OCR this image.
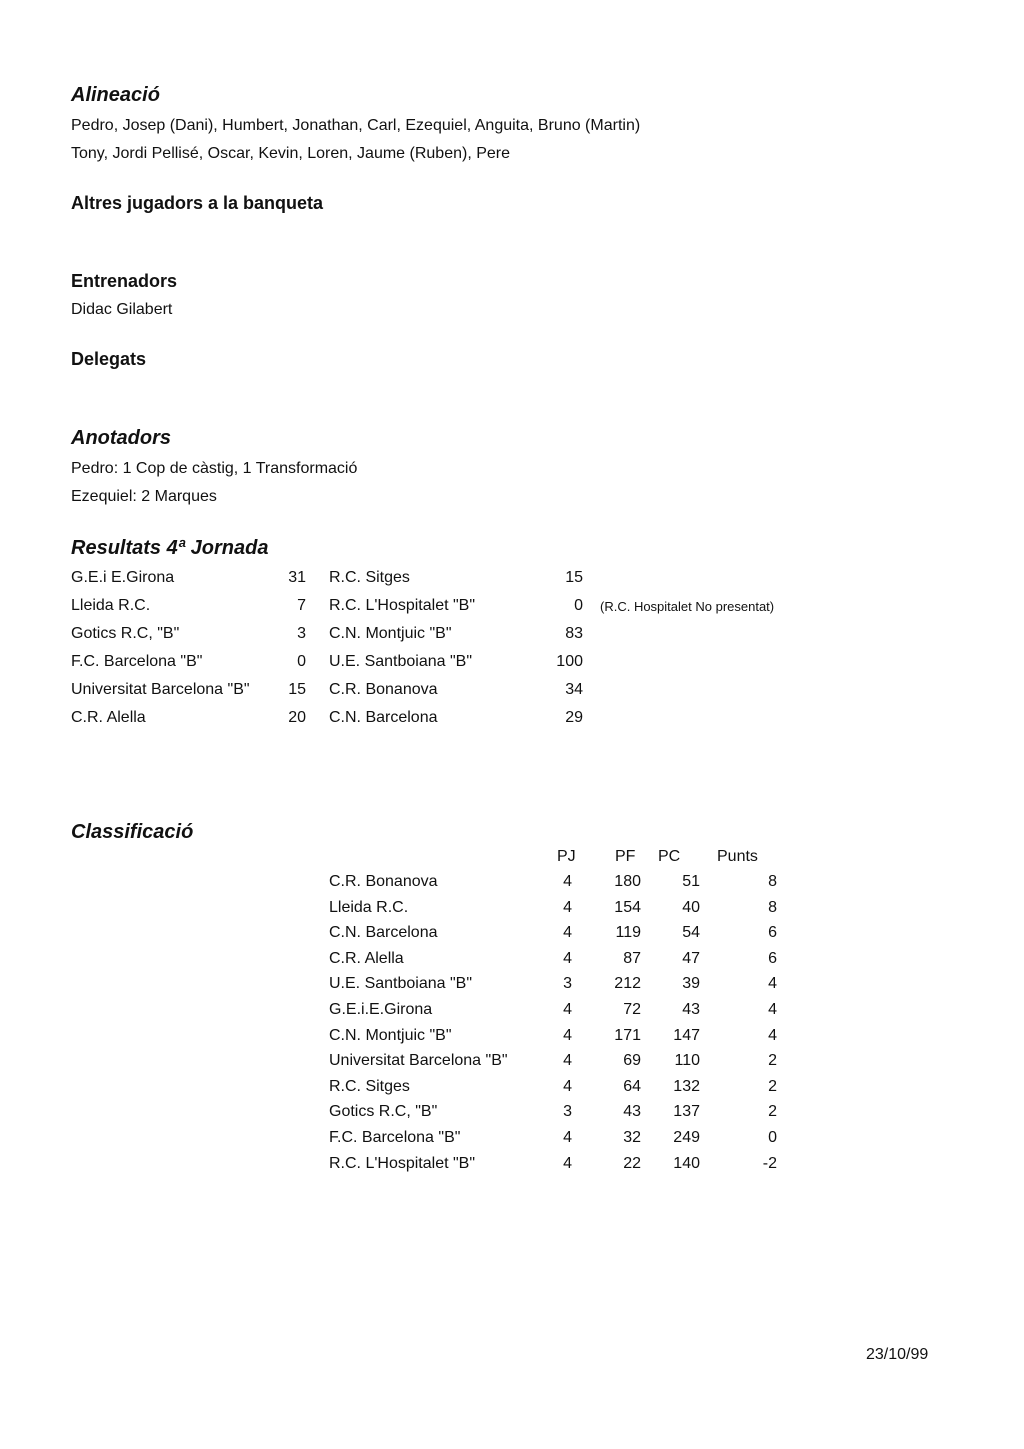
Alineació
Pedro, Josep (Dani), Humbert, Jonathan, Carl, Ezequiel, Anguita, Bruno (Martin)
Tony, Jordi Pellisé, Oscar, Kevin, Loren, Jaume (Ruben), Pere
Altres jugadors a la banqueta
Entrenadors
Didac Gilabert
Delegats
Anotadors
Pedro: 1 Cop de càstig, 1 Transformació
Ezequiel: 2 Marques
Resultats 4ª Jornada
G.E.i E.Girona	31 R.C. Sitges	15
Lleida R.C.	7 R.C. L'Hospitalet "B"	0 (R.C. Hospitalet No presentat)
Gotics R.C, "B"	3 C.N. Montjuic "B"	83
F.C. Barcelona "B"	0 U.E. Santboiana "B"	100
Universitat Barcelona "B"	15 C.R. Bonanova	34
C.R. Alella	20 C.N. Barcelona	29
Classificació
PJ PF PC Punts
C.R. Bonanova	4	180	51	8
Lleida R.C.	4	154	40	8
C.N. Barcelona	4	119	54	6
C.R. Alella	4	87	47	6
U.E. Santboiana "B"	3	212	39	4
G.E.i.E.Girona	4	72	43	4
C.N. Montjuic "B"	4	171	147	4
Universitat Barcelona "B"	4	69	110	2
R.C. Sitges	4	64	132	2
Gotics R.C, "B"	3	43	137	2
F.C. Barcelona "B"	4	32	249	0
R.C. L'Hospitalet "B"	4	22	140	-2
23/10/99
